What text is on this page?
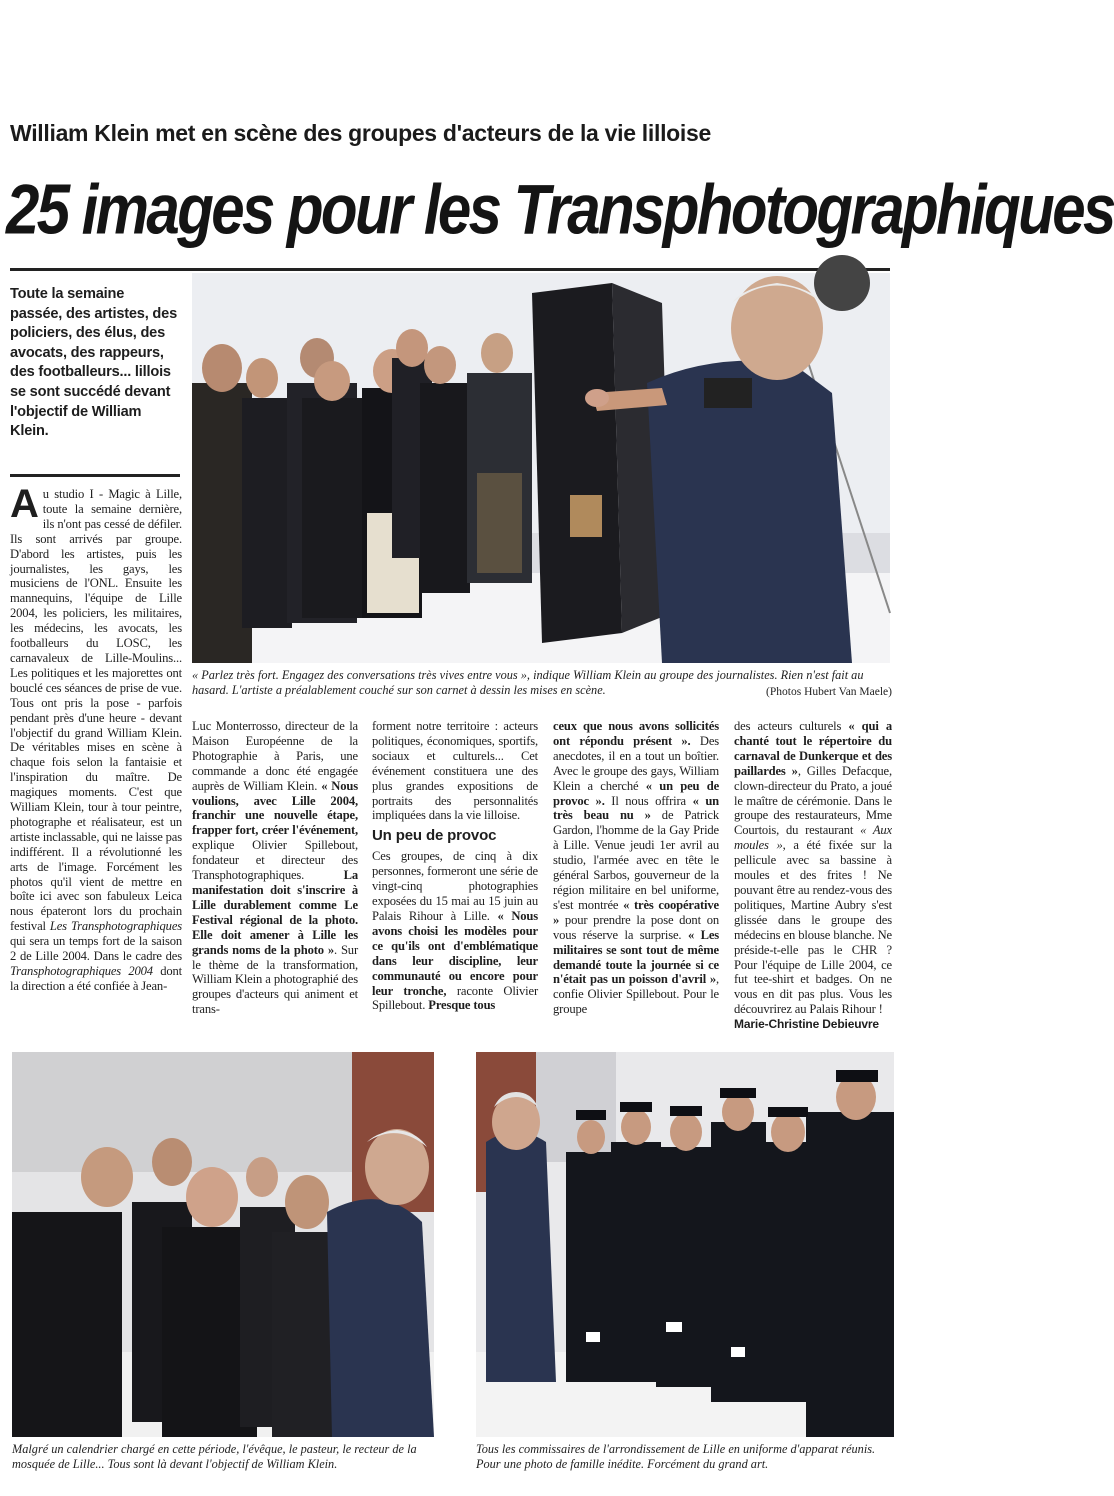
William Klein met en scène des groupes d'acteurs de la vie lilloise
25 images pour les Transphotographiques
Toute la semaine passée, des artistes, des policiers, des élus, des avocats, des rappeurs, des footballeurs... lillois se sont succédé devant l'objectif de William Klein.
« Parlez très fort. Engagez des conversations très vives entre vous », indique William Klein au groupe des journalistes. Rien n'est fait au hasard. L'artiste a préalablement couché sur son carnet à dessin les mises en scène.	(Photos Hubert Van Maele)
Au studio I - Magic à Lille, toute la semaine dernière, ils n'ont pas cessé de défiler. Ils sont arrivés par groupe. D'abord les artistes, puis les journalistes, les gays, les musiciens de l'ONL. Ensuite les mannequins, l'équipe de Lille 2004, les policiers, les militaires, les médecins, les avocats, les footballeurs du LOSC, les carnavaleux de Lille-Moulins... Les politiques et les majorettes ont bouclé ces séances de prise de vue. Tous ont pris la pose - parfois pendant près d'une heure - devant l'objectif du grand William Klein. De véritables mises en scène à chaque fois selon la fantaisie et l'inspiration du maître. De magiques moments. C'est que William Klein, tour à tour peintre, photographe et réalisateur, est un artiste inclassable, qui ne laisse pas indifférent. Il a révolutionné les arts de l'image. Forcément les photos qu'il vient de mettre en boîte ici avec son fabuleux Leica nous épateront lors du prochain festival Les Transphotographiques qui sera un temps fort de la saison 2 de Lille 2004. Dans le cadre des Transphotographiques 2004 dont la direction a été confiée à Jean-
Luc Monterrosso, directeur de la Maison Européenne de la Photographie à Paris, une commande a donc été engagée auprès de William Klein. « Nous voulions, avec Lille 2004, franchir une nouvelle étape, frapper fort, créer l'événement, explique Olivier Spillebout, fondateur et directeur des Transphotographiques.	La manifestation doit s'inscrire à Lille durablement comme Le Festival régional de la photo. Elle doit amener à Lille les grands noms de la photo ». Sur le thème de la transformation, William Klein a photographié des groupes d'acteurs qui animent et trans-

forment notre territoire : acteurs politiques, économiques, sportifs, sociaux et culturels... Cet événement constituera une des plus grandes expositions de portraits des personnalités impliquées dans la vie lilloise.

Un peu de provoc
Ces groupes, de cinq à dix personnes, formeront une série de vingt-cinq photographies exposées du 15 mai au 15 juin au Palais Rihour à Lille. « Nous avons choisi les modèles pour ce qu'ils ont d'emblématique dans leur discipline, leur communauté ou encore pour leur tronche, raconte Olivier Spillebout. Presque tous
ceux que nous avons sollicités ont répondu présent ». Des anecdotes, il en a tout un boîtier. Avec le groupe des gays, William Klein a cherché « un peu de provoc ». Il nous offrira « un très beau nu » de Patrick Gardon, l'homme de la Gay Pride à Lille. Venue jeudi 1er avril au studio, l'armée avec en tête le général Sarbos, gouverneur de la région militaire en bel uniforme, s'est montrée « très coopérative » pour prendre la pose dont on vous réserve la surprise. « Les militaires se sont tout de même demandé toute la journée si ce n'était pas un poisson d'avril », confie Olivier Spillebout. Pour le groupe
des acteurs culturels « qui a chanté tout le répertoire du carnaval de Dunkerque et des paillardes », Gilles Defacque, clown-directeur du Prato, a joué le maître de cérémonie. Dans le groupe des restaurateurs, Mme Courtois, du restaurant « Aux moules », a été fixée sur la pellicule avec sa bassine à moules et des frites ! Ne pouvant être au rendez-vous des politiques, Martine Aubry s'est glissée dans le groupe des médecins en blouse blanche. Ne préside-t-elle pas le CHR ? Pour l'équipe de Lille 2004, ce fut tee-shirt et badges. On ne vous en dit pas plus. Vous les découvrirez au Palais Rihour !
Marie-Christine Debieuvre
Malgré un calendrier chargé en cette période, l'évêque, le pasteur, le recteur de la mosquée de Lille... Tous sont là devant l'objectif de William Klein.
Tous les commissaires de l'arrondissement de Lille en uniforme d'apparat réunis. Pour une photo de famille inédite. Forcément du grand art.
